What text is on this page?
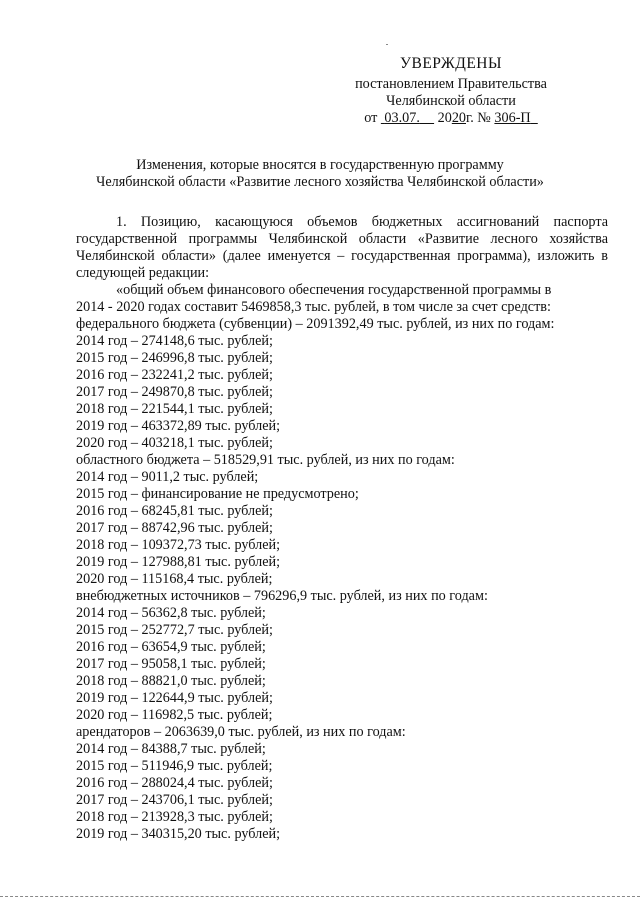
УВЕРЖДЕНЫ
постановлением Правительства
Челябинской области
от 03.07. 2020г. № 306-П
Изменения, которые вносятся в государственную программу
Челябинской области «Развитие лесного хозяйства Челябинской области»
1. Позицию, касающуюся объемов бюджетных ассигнований паспорта государственной программы Челябинской области «Развитие лесного хозяйства Челябинской области» (далее именуется – государственная программа), изложить в следующей редакции:
«общий объем финансового обеспечения государственной программы в
2014 - 2020 годах составит 5469858,3 тыс. рублей, в том числе за счет средств:
федерального бюджета (субвенции) – 2091392,49 тыс. рублей, из них по годам:
2014 год – 274148,6 тыс. рублей;
2015 год – 246996,8 тыс. рублей;
2016 год – 232241,2 тыс. рублей;
2017 год – 249870,8 тыс. рублей;
2018 год – 221544,1 тыс. рублей;
2019 год – 463372,89 тыс. рублей;
2020 год – 403218,1 тыс. рублей;
областного бюджета – 518529,91 тыс. рублей, из них по годам:
2014 год – 9011,2 тыс. рублей;
2015 год – финансирование не предусмотрено;
2016 год – 68245,81 тыс. рублей;
2017 год – 88742,96 тыс. рублей;
2018 год – 109372,73 тыс. рублей;
2019 год – 127988,81 тыс. рублей;
2020 год – 115168,4 тыс. рублей;
внебюджетных источников – 796296,9 тыс. рублей, из них по годам:
2014 год – 56362,8 тыс. рублей;
2015 год – 252772,7 тыс. рублей;
2016 год – 63654,9 тыс. рублей;
2017 год – 95058,1 тыс. рублей;
2018 год – 88821,0 тыс. рублей;
2019 год – 122644,9 тыс. рублей;
2020 год – 116982,5 тыс. рублей;
арендаторов – 2063639,0 тыс. рублей, из них по годам:
2014 год – 84388,7 тыс. рублей;
2015 год – 511946,9 тыс. рублей;
2016 год – 288024,4 тыс. рублей;
2017 год – 243706,1 тыс. рублей;
2018 год – 213928,3 тыс. рублей;
2019 год – 340315,20 тыс. рублей;
